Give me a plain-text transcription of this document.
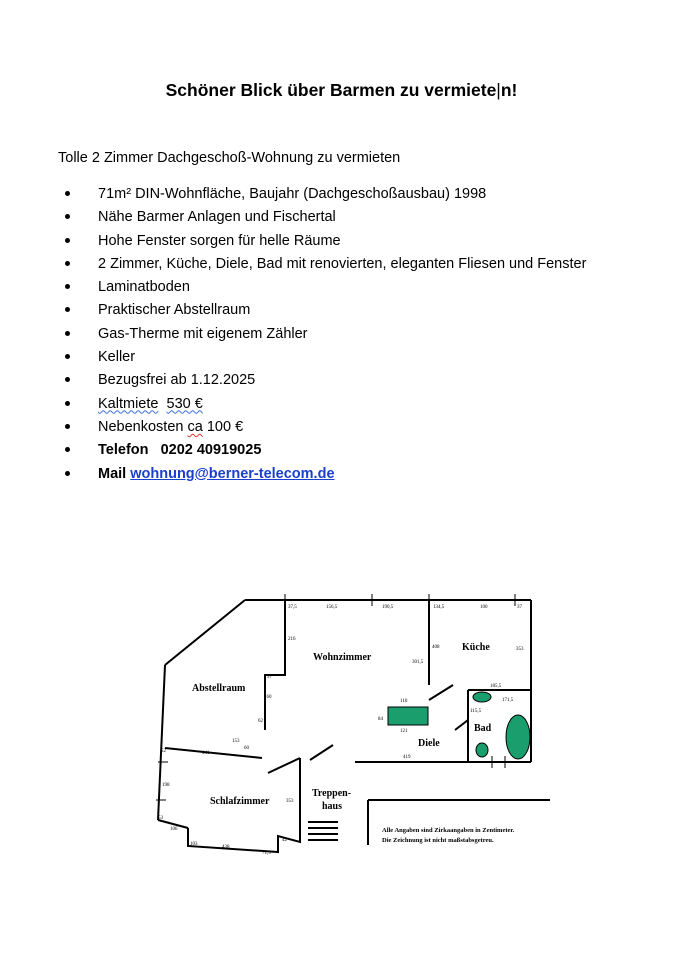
Schöner Blick über Barmen zu vermiete|n!
Tolle 2 Zimmer Dachgeschoß-Wohnung zu vermieten
71m² DIN-Wohnfläche, Baujahr (Dachgeschoßausbau) 1998
Nähe Barmer Anlagen und Fischertal
Hohe Fenster sorgen für helle Räume
2 Zimmer, Küche, Diele, Bad mit renovierten, eleganten Fliesen und Fenster
Laminatboden
Praktischer Abstellraum
Gas-Therme mit eigenem Zähler
Keller
Bezugsfrei ab 1.12.2025
Kaltmiete 530 €
Nebenkosten ca 100 €
Telefon 0202 40919025
Mail wohnung@berner-telecom.de
Wohnzimmer
Küche
Abstellraum
Bad
Diele
Schlafzimmer
Treppen-
haus
37,5	156,5	190,5	134,5	100	37
216
408
301,5
353
37
160
62
110
185,5
171,5
115,5
84
121
419
441
60
52
198
53
106
103
438
71,5
42
353
153
Alle Angaben sind Zirkaangaben in Zentimeter.
Die Zeichnung ist nicht maßstabsgetreu.
